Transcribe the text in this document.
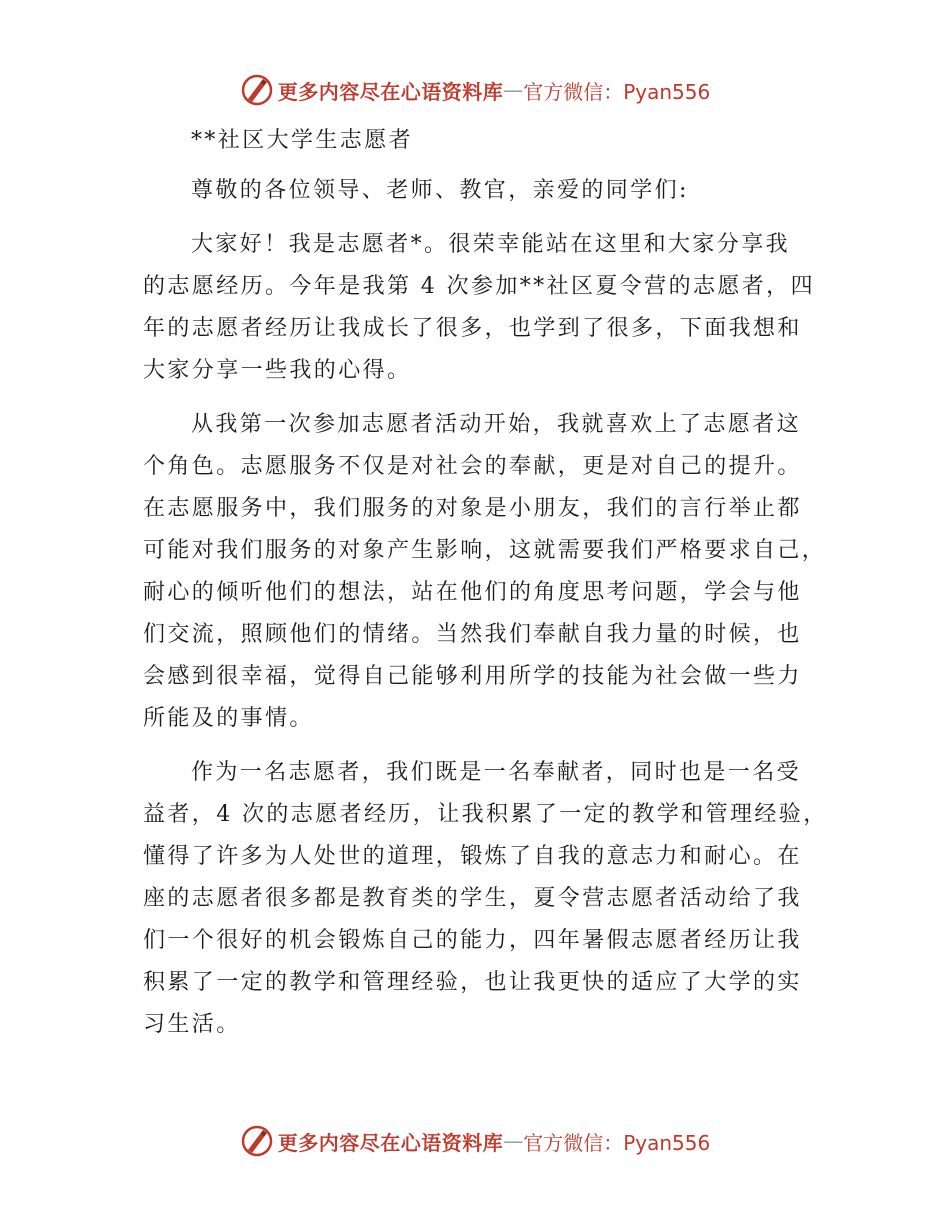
更多内容尽在心语资料库 — 官方微信：Pyan556
**社区大学生志愿者
尊敬的各位领导、老师、教官，亲爱的同学们:
大家好！我是志愿者*。很荣幸能站在这里和大家分享我
的志愿经历。今年是我第 4 次参加**社区夏令营的志愿者，四
年的志愿者经历让我成长了很多，也学到了很多，下面我想和
大家分享一些我的心得。
从我第一次参加志愿者活动开始，我就喜欢上了志愿者这
个角色。志愿服务不仅是对社会的奉献，更是对自己的提升。
在志愿服务中，我们服务的对象是小朋友，我们的言行举止都
可能对我们服务的对象产生影响，这就需要我们严格要求自己，
耐心的倾听他们的想法，站在他们的角度思考问题，学会与他
们交流，照顾他们的情绪。当然我们奉献自我力量的时候，也
会感到很幸福，觉得自己能够利用所学的技能为社会做一些力
所能及的事情。
作为一名志愿者，我们既是一名奉献者，同时也是一名受
益者，4 次的志愿者经历，让我积累了一定的教学和管理经验，
懂得了许多为人处世的道理，锻炼了自我的意志力和耐心。在
座的志愿者很多都是教育类的学生，夏令营志愿者活动给了我
们一个很好的机会锻炼自己的能力，四年暑假志愿者经历让我
积累了一定的教学和管理经验，也让我更快的适应了大学的实
习生活。
更多内容尽在心语资料库 — 官方微信：Pyan556
